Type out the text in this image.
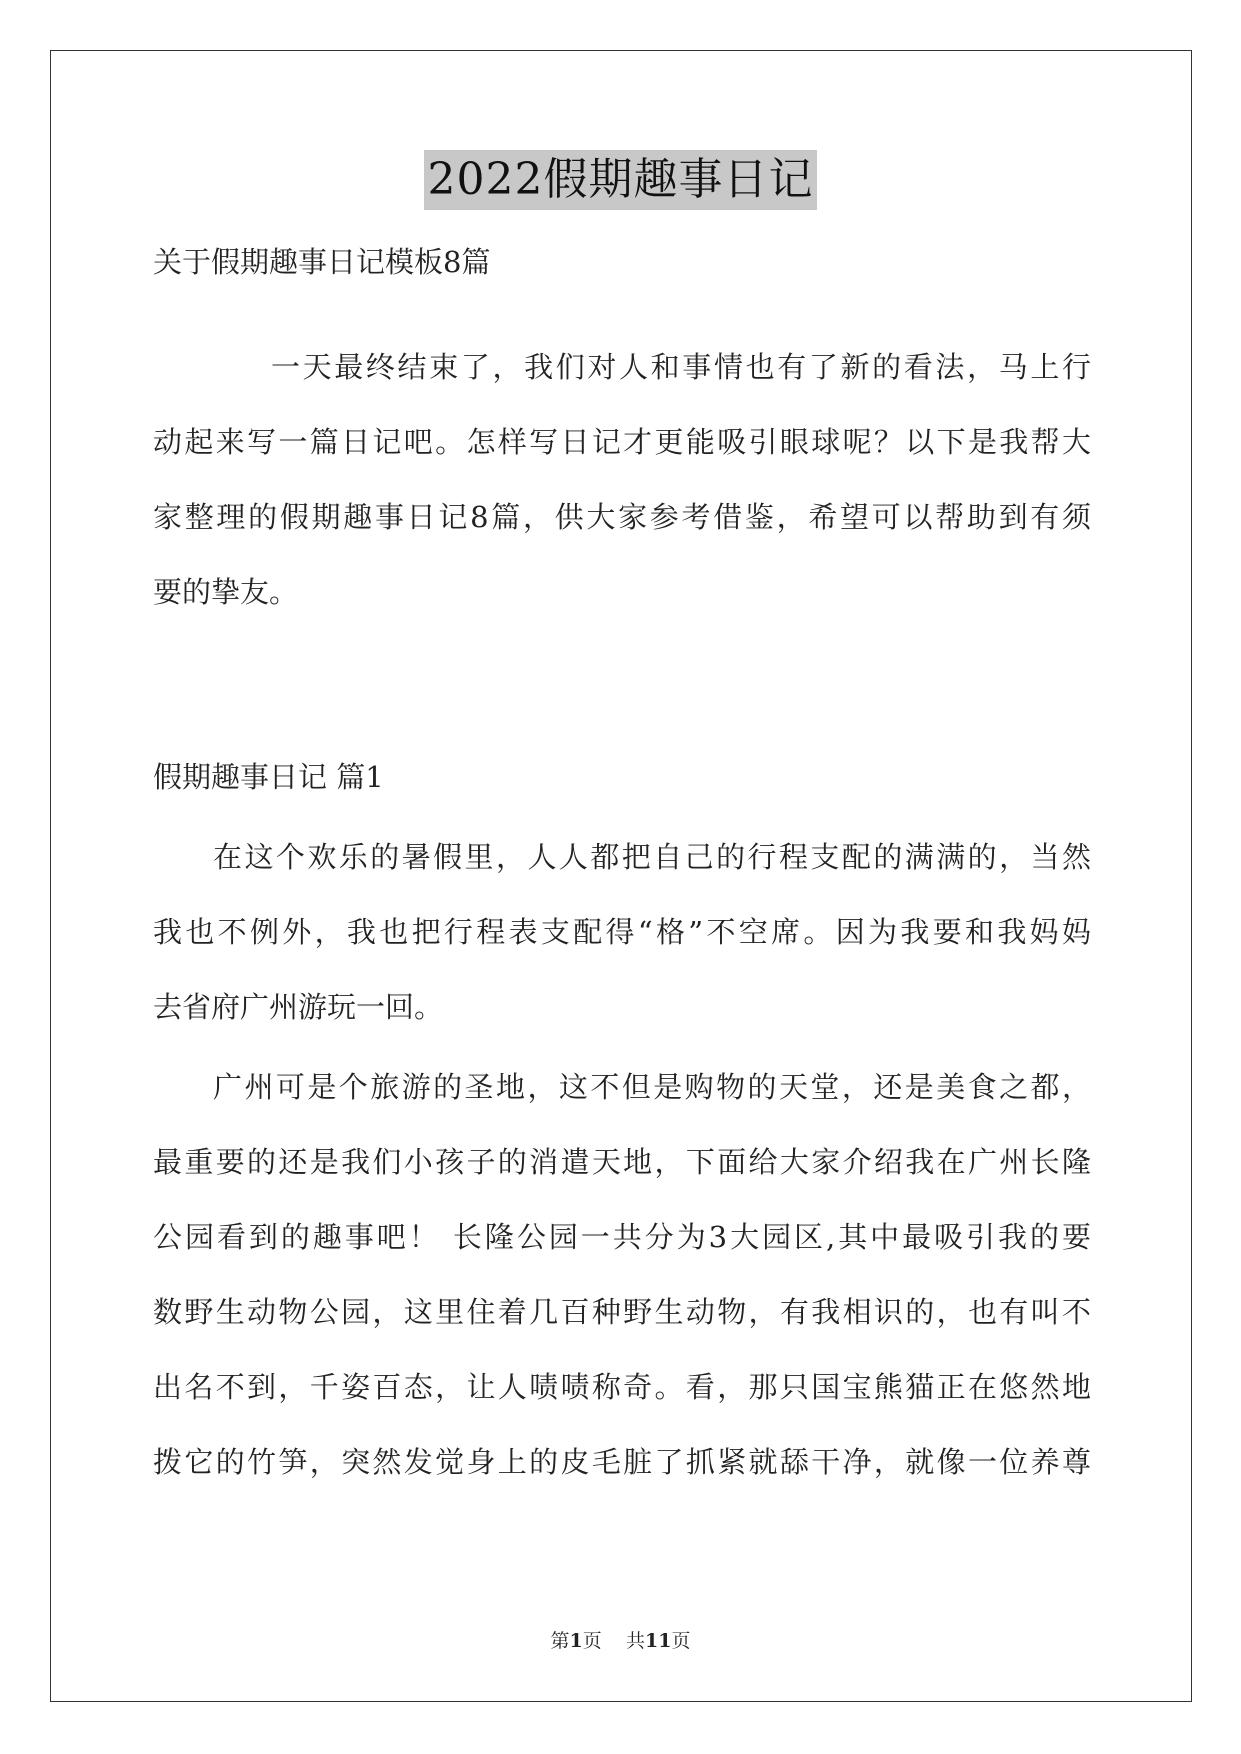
2022假期趣事日记
关于假期趣事日记模板8篇
一天最终结束了，我们对人和事情也有了新的看法，马上行
动起来写一篇日记吧。怎样写日记才更能吸引眼球呢？以下是我帮大
家整理的假期趣事日记8篇，供大家参考借鉴，希望可以帮助到有须
要的挚友。
假期趣事日记 篇1
在这个欢乐的暑假里，人人都把自己的行程支配的满满的，当然
我也不例外，我也把行程表支配得“格”不空席。因为我要和我妈妈
去省府广州游玩一回。
广州可是个旅游的圣地，这不但是购物的天堂，还是美食之都，
最重要的还是我们小孩子的消遣天地，下面给大家介绍我在广州长隆
公园看到的趣事吧！ 长隆公园一共分为3大园区,其中最吸引我的要
数野生动物公园，这里住着几百种野生动物，有我相识的，也有叫不
出名不到，千姿百态，让人啧啧称奇。看，那只国宝熊猫正在悠然地
拨它的竹笋，突然发觉身上的皮毛脏了抓紧就舔干净，就像一位养尊
第1页 共11页
